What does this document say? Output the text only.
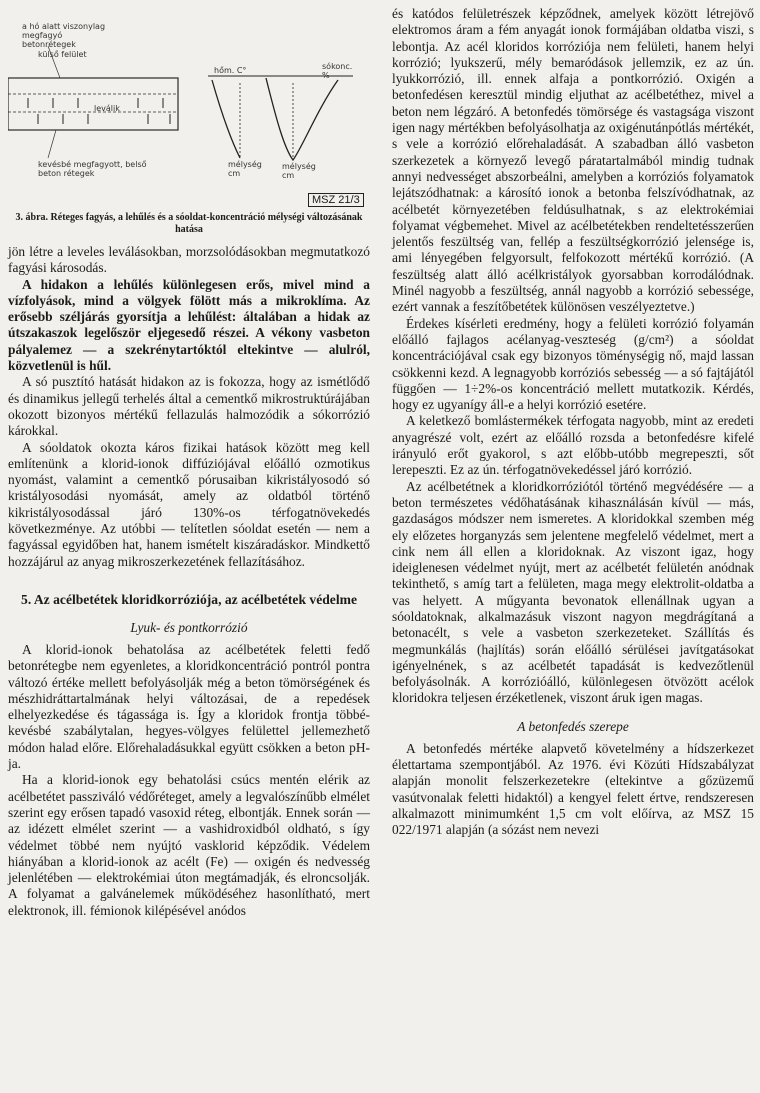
a hó alatt viszonylag megfagyó betonrétegek
külső felület
leválik
hőm. C°	sókonc. %
mélység cm
mélység cm
kevésbé megfagyott, belső beton rétegek
MSZ 21/3
3. ábra. Réteges fagyás, a lehűlés és a sóoldat-koncentráció mélységi változásának hatása

jön létre a leveles leválásokban, morzsolódásokban megmutatkozó fagyási károsodás.

A hidakon a lehűlés különlegesen erős, mivel mind a vízfolyások, mind a völgyek fölött más a mikroklíma. Az erősebb széljárás gyorsítja a lehűlést: általában a hidak az útszakaszok legelőször eljegesedő részei. A vékony vasbeton pályalemez — a szekrénytartóktól eltekintve — alulról, közvetlenül is hűl.

A só pusztító hatását hidakon az is fokozza, hogy az ismétlődő és dinamikus jellegű terhelés által a cementkő mikrostruktúrájában okozott bizonyos mértékű fellazulás halmozódik a sókorrózió károkkal.

A sóoldatok okozta káros fizikai hatások között meg kell említenünk a klorid-ionok diffúziójával előálló ozmotikus nyomást, valamint a cementkő pórusaiban kikristályosodó só kristályosodási nyomását, amely az oldatból történő kikristályosodással járó 130%-os térfogatnövekedés következménye. Az utóbbi — telítetlen sóoldat esetén — nem a fagyással egyidőben hat, hanem ismételt kiszáradáskor. Mindkettő hozzájárul az anyag mikroszerkezetének fellazításához.

5. Az acélbetétek kloridkorróziója, az acélbetétek védelme
Lyuk- és pontkorrózió

A klorid-ionok behatolása az acélbetétek feletti fedő betonrétegbe nem egyenletes, a kloridkoncentráció pontról pontra változó értéke mellett befolyásolják még a beton tömörségének és mészhidráttartalmának helyi változásai, de a repedések elhelyezkedése és tágassága is. Így a kloridok frontja többé-kevésbé szabálytalan, hegyes-völgyes felülettel jellemezhető módon halad előre. Előrehaladásukkal együtt csökken a beton pH-ja.

Ha a klorid-ionok egy behatolási csúcs mentén elérik az acélbetétet passziváló védőréteget, amely a legvalószínűbb elmélet szerint egy erősen tapadó vasoxid réteg, elbontják. Ennek során — az idézett elmélet szerint — a vashidroxidból oldható, s így védelmet többé nem nyújtó vasklorid képződik. Védelem hiányában a klorid-ionok az acélt (Fe) — oxigén és nedvesség jelenlétében — elektrokémiai úton megtámadják, és elroncsolják. A folyamat a galvánelemek működéséhez hasonlítható, mert elektronok, ill. fémionok kilépésével anódos

és katódos felületrészek képződnek, amelyek között létrejövő elektromos áram a fém anyagát ionok formájában oldatba viszi, s lebontja. Az acél kloridos korróziója nem felületi, hanem helyi korrózió; lyukszerű, mély bemaródások jellemzik, ez az ún. lyukkorrózió, ill. ennek alfaja a pontkorrózió. Oxigén a betonfedésen keresztül mindig eljuthat az acélbetéthez, mivel a beton nem légzáró. A betonfedés tömörsége és vastagsága viszont igen nagy mértékben befolyásolhatja az oxigénutánpótlás mértékét, s vele a korrózió előrehaladását. A szabadban álló vasbeton szerkezetek a környező levegő páratartalmából mindig tudnak annyi nedvességet abszorbeálni, amelyben a korróziós folyamatok lejátszódhatnak: a károsító ionok a betonba felszívódhatnak, az acélbetét környezetében feldúsulhatnak, s az elektrokémiai folyamat végbemehet. Mivel az acélbetétekben rendeltetésszerűen jelentős feszültség van, fellép a feszültségkorrózió jelensége is, ami lényegében felgyorsult, felfokozott mértékű korrózió. (A feszültség alatt álló acélkristályok gyorsabban korrodálódnak. Minél nagyobb a feszültség, annál nagyobb a korrózió sebessége, ezért vannak a feszítőbetétek különösen veszélyeztetve.)

Érdekes kísérleti eredmény, hogy a felületi korrózió folyamán előálló fajlagos acélanyag-veszteség (g/cm²) a sóoldat koncentrációjával csak egy bizonyos töménységig nő, majd lassan csökkenni kezd. A legnagyobb korróziós sebesség — a só fajtájától függően — 1÷2%-os koncentráció mellett mutatkozik. Kérdés, hogy ez ugyanígy áll-e a helyi korrózió esetére.

A keletkező bomlástermékek térfogata nagyobb, mint az eredeti anyagrészé volt, ezért az előálló rozsda a betonfedésre kifelé irányuló erőt gyakorol, s azt előbb-utóbb megrepeszti, sőt lerepeszti. Ez az ún. térfogatnövekedéssel járó korrózió.

Az acélbetétnek a kloridkorróziótól történő megvédésére — a beton természetes védőhatásának kihasználásán kívül — más, gazdaságos módszer nem ismeretes. A kloridokkal szemben még ely előzetes horganyzás sem jelentene megfelelő védelmet, mert a cink nem áll ellen a kloridoknak. Az viszont igaz, hogy ideiglenesen védelmet nyújt, mert az acélbetét felületén anódnak tekinthető, s amíg tart a felületen, maga megy elektrolit-oldatba a vas helyett. A műgyanta bevonatok ellenállnak ugyan a sóoldatoknak, alkalmazásuk viszont nagyon megdrágítaná a betonacélt, s vele a vasbeton szerkezeteket. Szállítás és megmunkálás (hajlítás) során előálló sérülései javítgatásokat igényelnének, s az acélbetét tapadását is kedvezőtlenül befolyásolnák. A korrózióálló, különlegesen ötvözött acélok kloridokra teljesen érzéketlenek, viszont áruk igen magas.

A betonfedés szerepe

A betonfedés mértéke alapvető követelmény a hídszerkezet élettartama szempontjából. Az 1976. évi Közúti Hídszabályzat alapján monolit felszerkezetekre (eltekintve a gőzüzemű vasútvonalak feletti hidaktól) a kengyel felett értve, rendszeresen alkalmazott minimumként 1,5 cm volt előírva, az MSZ 15 022/1971 alapján (a sózást nem nevezi
